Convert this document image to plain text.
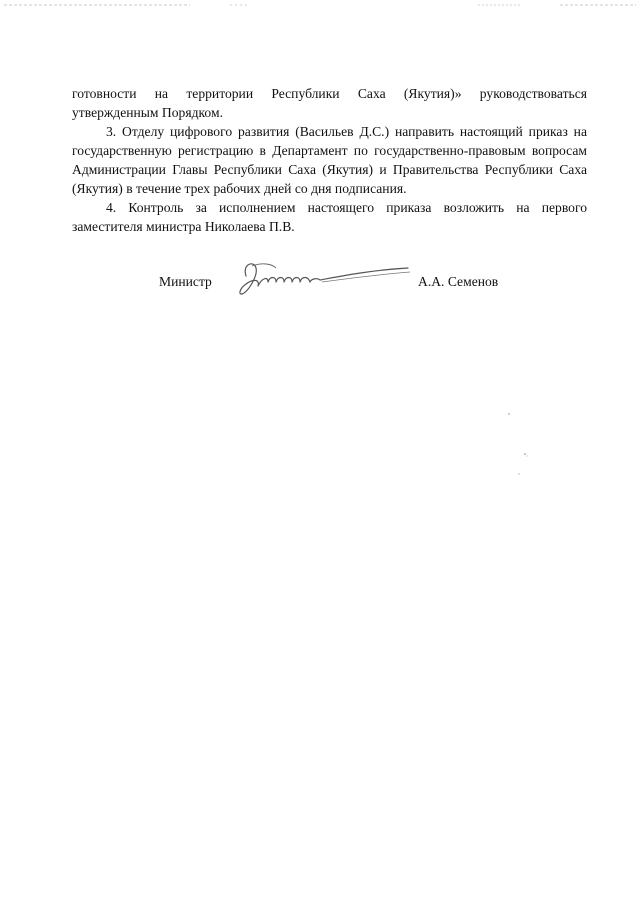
готовности на территории Республики Саха (Якутия)» руководствоваться утвержденным Порядком.

3. Отделу цифрового развития (Васильев Д.С.) направить настоящий приказ на государственную регистрацию в Департамент по государственно-правовым вопросам Администрации Главы Республики Саха (Якутия) и Правительства Республики Саха (Якутия) в течение трех рабочих дней со дня подписания.

4. Контроль за исполнением настоящего приказа возложить на первого заместителя министра Николаева П.В.

Министр	А.А. Семенов
